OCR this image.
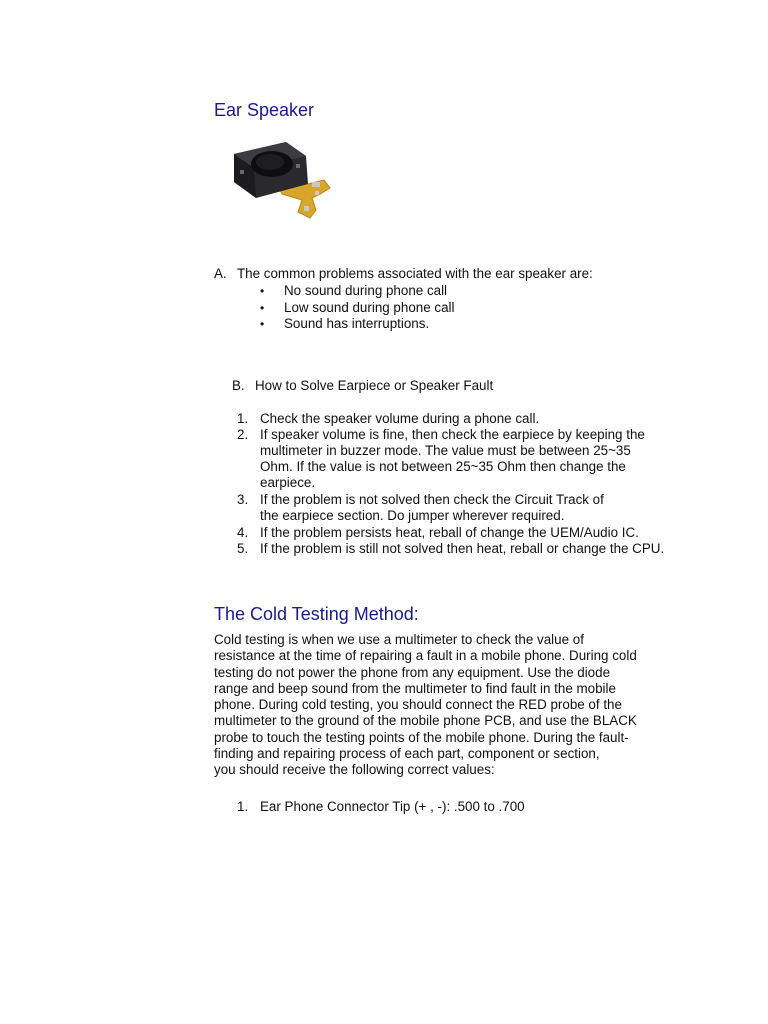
Ear Speaker
A. The common problems associated with the ear speaker are:
• No sound during phone call
• Low sound during phone call
• Sound has interruptions.
B. How to Solve Earpiece or Speaker Fault
1. Check the speaker volume during a phone call.
2. If speaker volume is fine, then check the earpiece by keeping the
multimeter in buzzer mode. The value must be between 25~35
Ohm. If the value is not between 25~35 Ohm then change the
earpiece.
3. If the problem is not solved then check the Circuit Track of
the earpiece section. Do jumper wherever required.
4. If the problem persists heat, reball of change the UEM/Audio IC.
5. If the problem is still not solved then heat, reball or change the CPU.
The Cold Testing Method:
Cold testing is when we use a multimeter to check the value of
resistance at the time of repairing a fault in a mobile phone. During cold
testing do not power the phone from any equipment. Use the diode
range and beep sound from the multimeter to find fault in the mobile
phone. During cold testing, you should connect the RED probe of the
multimeter to the ground of the mobile phone PCB, and use the BLACK
probe to touch the testing points of the mobile phone. During the fault-
finding and repairing process of each part, component or section,
you should receive the following correct values:
1. Ear Phone Connector Tip (+ , -): .500 to .700
